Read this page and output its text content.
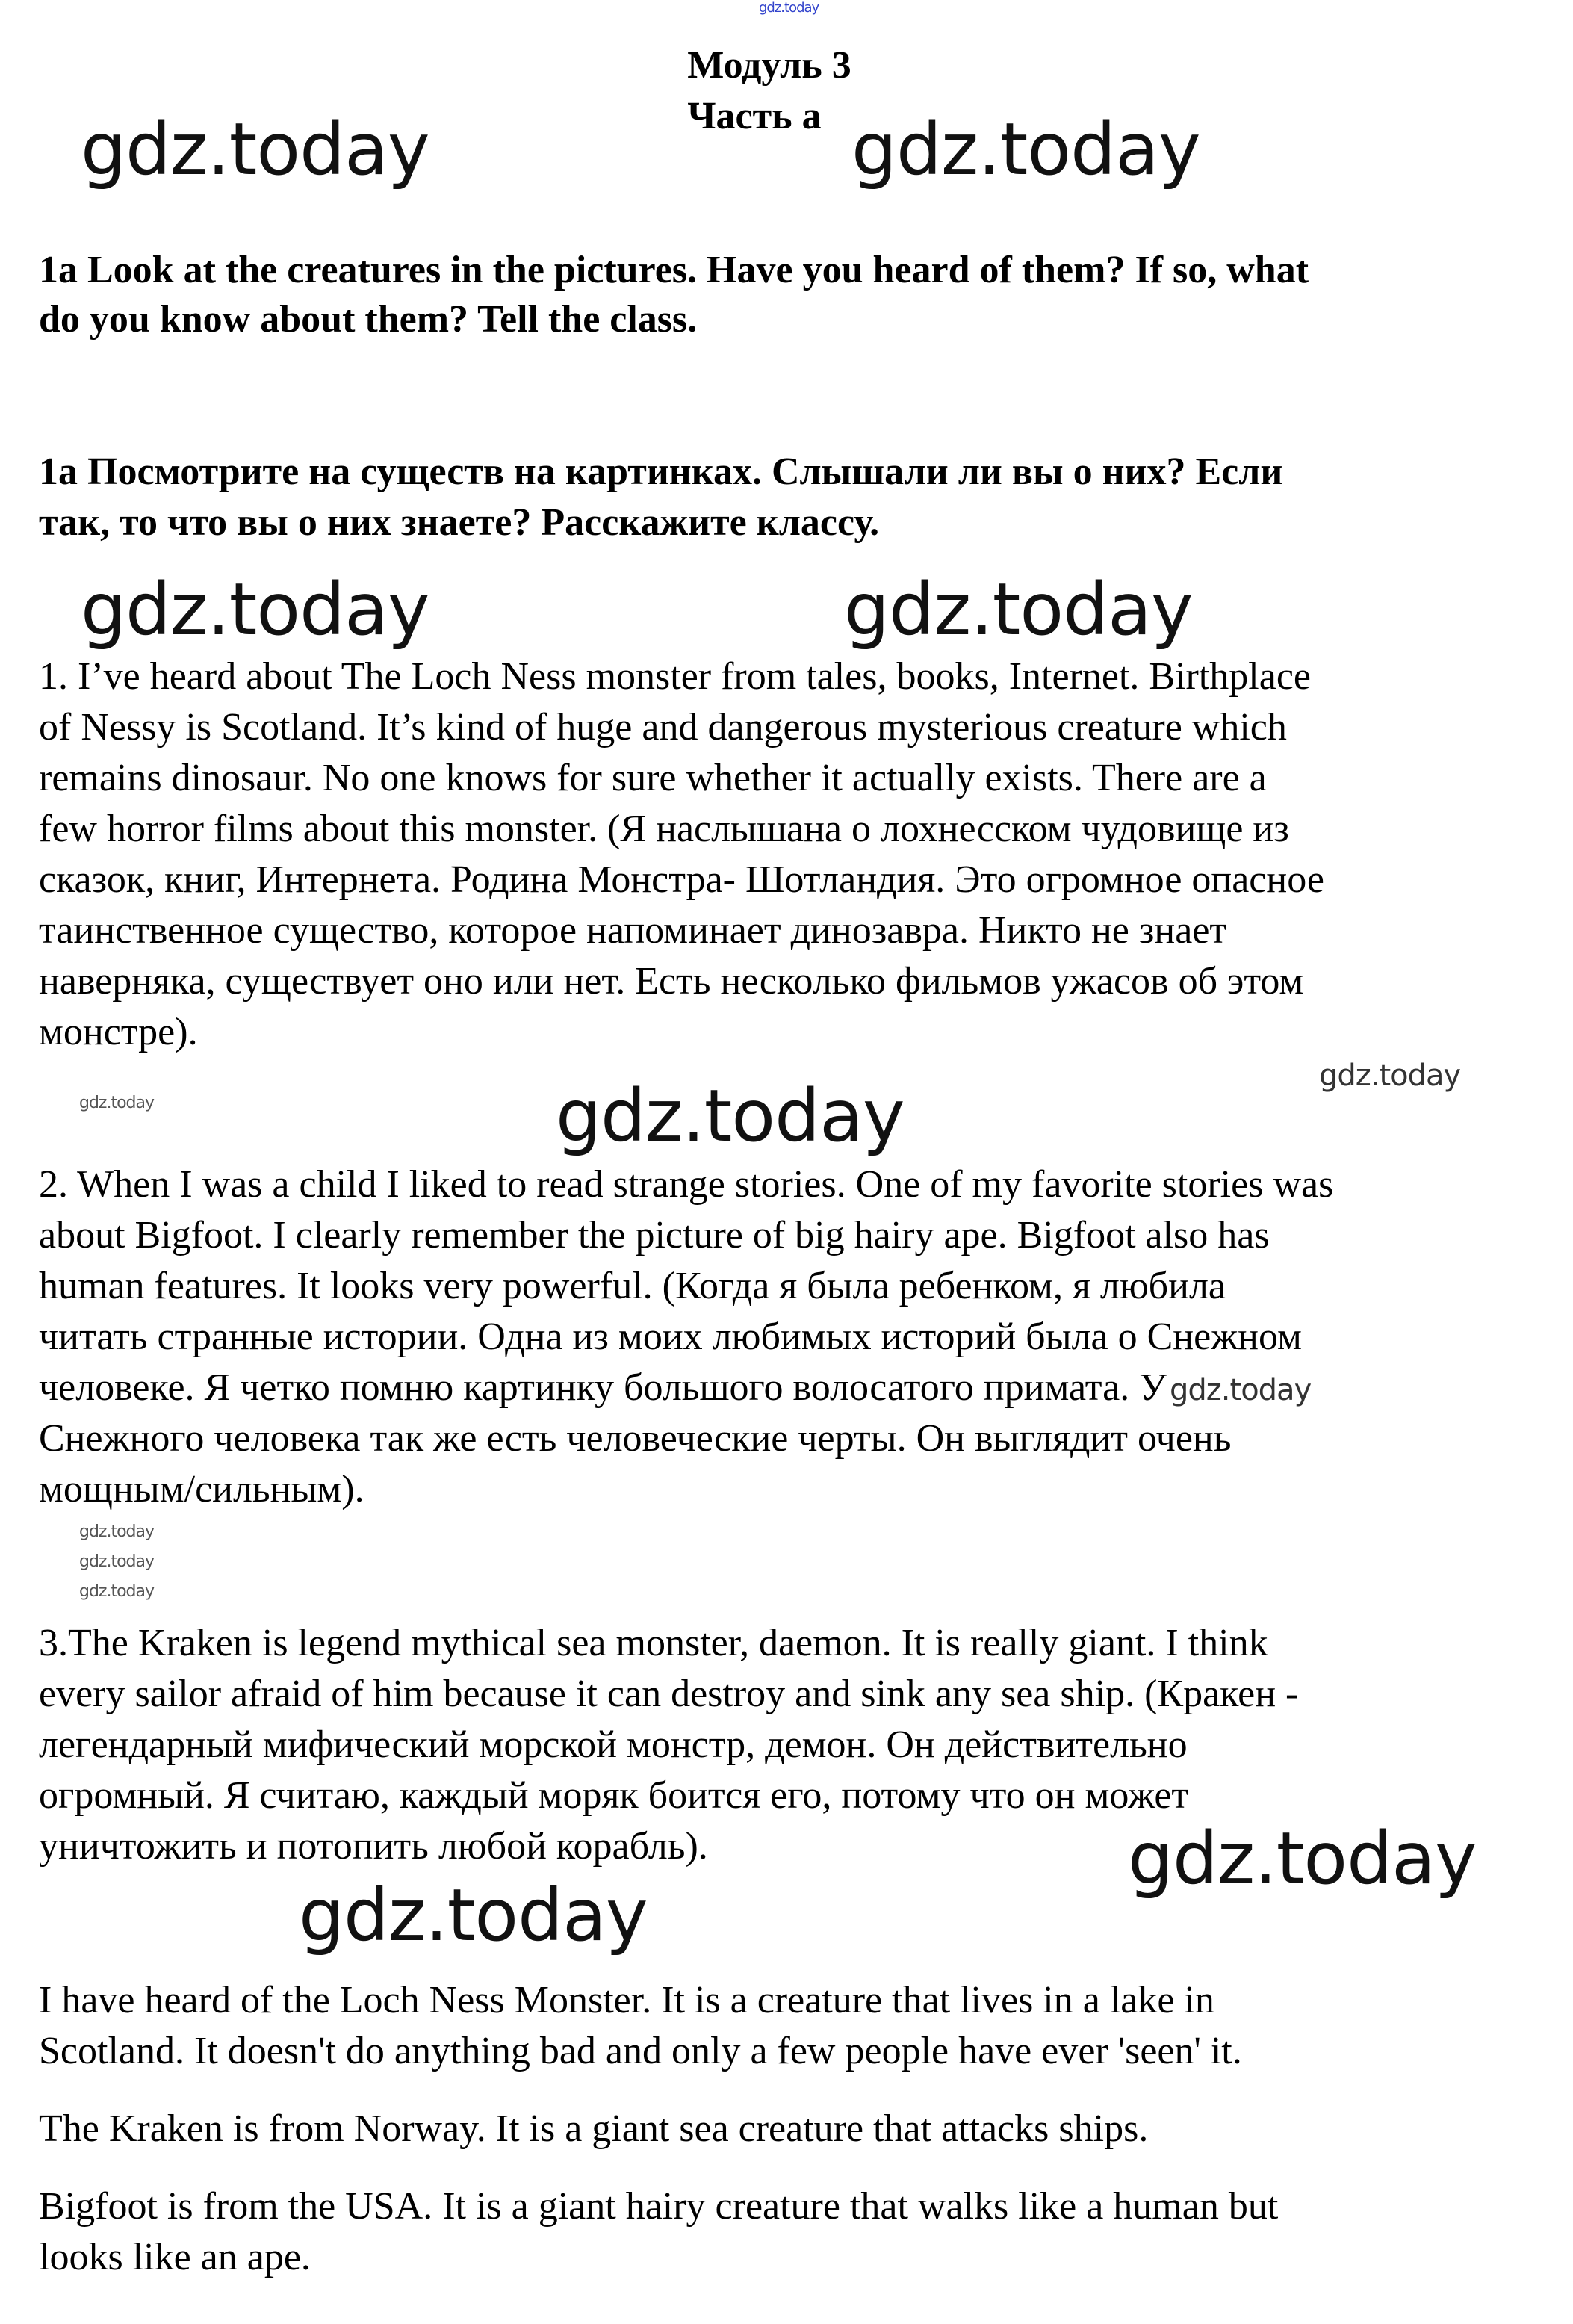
gdz.today
Модуль 3
Часть а
gdz.today	gdz.today
1a Look at the creatures in the pictures. Have you heard of them? If so, what
do you know about them? Tell the class.
1a Посмотрите на существ на картинках. Слышали ли вы о них? Если
так, то что вы о них знаете? Расскажите классу.
gdz.today	gdz.today
1. I’ve heard about The Loch Ness monster from tales, books, Internet. Birthplace
of Nessy is Scotland. It’s kind of huge and dangerous mysterious creature which
remains dinosaur. No one knows for sure whether it actually exists. There are a
few horror films about this monster. (Я наслышана о лохнесском чудовище из
сказок, книг, Интернета. Родина Монстра- Шотландия. Это огромное опасное
таинственное существо, которое напоминает динозавра. Никто не знает
наверняка, существует оно или нет. Есть несколько фильмов ужасов об этом
монстре).
gdz.today
gdz.today	gdz.today
2. When I was a child I liked to read strange stories. One of my favorite stories was
about Bigfoot. I clearly remember the picture of big hairy ape. Bigfoot also has
human features. It looks very powerful. (Когда я была ребенком, я любила
читать странные истории. Одна из моих любимых историй была о Снежном
человеке. Я четко помню картинку большого волосатого примата. У gdz.today
Снежного человека так же есть человеческие черты. Он выглядит очень
мощным/сильным).
gdz.today
gdz.today
gdz.today
3.The Kraken is legend mythical sea monster, daemon. It is really giant. I think
every sailor afraid of him because it can destroy and sink any sea ship. (Кракен -
легендарный мифический морской монстр, демон. Он действительно
огромный. Я считаю, каждый моряк боится его, потому что он может
уничтожить и потопить любой корабль).	gdz.today
gdz.today
I have heard of the Loch Ness Monster. It is a creature that lives in a lake in
Scotland. It doesn't do anything bad and only a few people have ever 'seen' it.
The Kraken is from Norway. It is a giant sea creature that attacks ships.
Bigfoot is from the USA. It is a giant hairy creature that walks like a human but
looks like an ape.
